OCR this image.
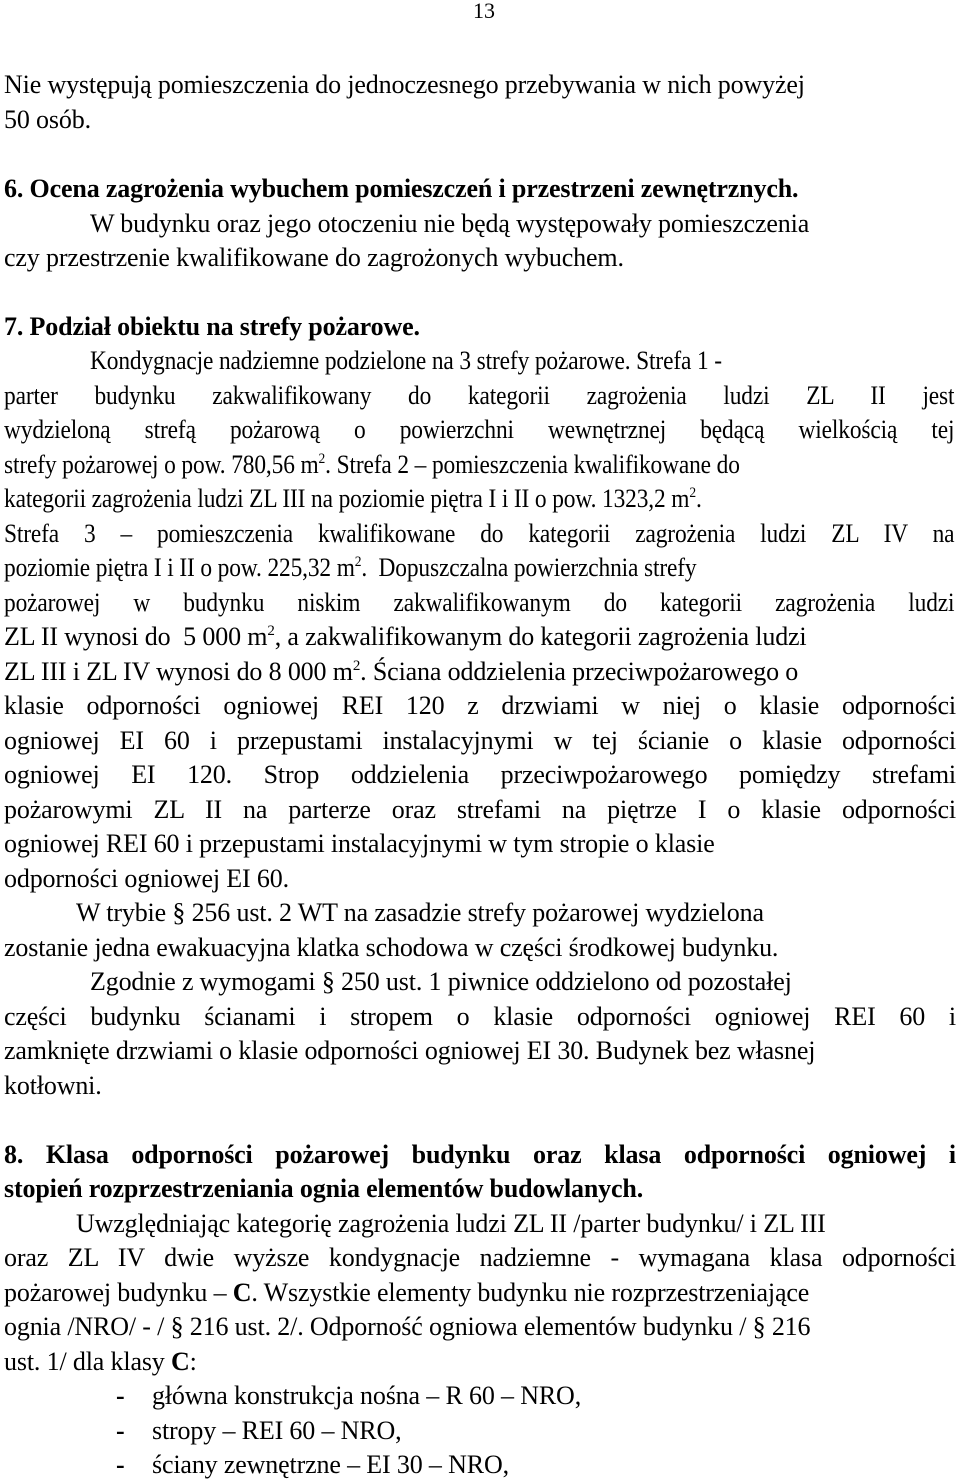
13
Nie występują pomieszczenia do jednoczesnego przebywania w nich powyżej
50 osób.
6. Ocena zagrożenia wybuchem pomieszczeń i przestrzeni zewnętrznych.
W budynku oraz jego otoczeniu nie będą występowały pomieszczenia
czy przestrzenie kwalifikowane do zagrożonych wybuchem.
7. Podział obiektu na strefy pożarowe.
Kondygnacje nadziemne podzielone na 3 strefy pożarowe. Strefa 1 -
parter budynku zakwalifikowany do kategorii zagrożenia ludzi ZL II jest
wydzieloną strefą pożarową o powierzchni wewnętrznej będącą wielkością tej
strefy pożarowej o pow. 780,56 $m^2$. Strefa 2 – pomieszczenia kwalifikowane do
kategorii zagrożenia ludzi ZL III na poziomie piętra I i II o pow. 1323,2 $m^2$.
Strefa 3 – pomieszczenia kwalifikowane do kategorii zagrożenia ludzi ZL IV na
poziomie piętra I i II o pow. 225,32 $m^2$.  Dopuszczalna powierzchnia strefy
pożarowej w budynku niskim zakwalifikowanym do kategorii zagrożenia ludzi
ZL II wynosi do  5 000 $m^2$, a zakwalifikowanym do kategorii zagrożenia ludzi
ZL III i ZL IV wynosi do 8 000 $m^2$. Ściana oddzielenia przeciwpożarowego o
klasie odporności ogniowej REI 120 z drzwiami w niej o klasie odporności
ogniowej EI 60 i przepustami instalacyjnymi w tej ścianie o klasie odporności
ogniowej EI 120. Strop oddzielenia przeciwpożarowego pomiędzy strefami
pożarowymi ZL II na parterze oraz strefami na piętrze I o klasie odporności
ogniowej REI 60 i przepustami instalacyjnymi w tym stropie o klasie
odporności ogniowej EI 60.
W trybie § 256 ust. 2 WT na zasadzie strefy pożarowej wydzielona
zostanie jedna ewakuacyjna klatka schodowa w części środkowej budynku.
Zgodnie z wymogami § 250 ust. 1 piwnice oddzielono od pozostałej
części budynku ścianami i stropem o klasie odporności ogniowej REI 60 i
zamknięte drzwiami o klasie odporności ogniowej EI 30. Budynek bez własnej
kotłowni.
8. Klasa odporności pożarowej budynku oraz klasa odporności ogniowej i
stopień rozprzestrzeniania ognia elementów budowlanych.
Uwzględniając kategorię zagrożenia ludzi ZL II /parter budynku/ i ZL III
oraz ZL IV dwie wyższe kondygnacje nadziemne - wymagana klasa odporności
pożarowej budynku – C. Wszystkie elementy budynku nie rozprzestrzeniające
ognia /NRO/ - / § 216 ust. 2/. Odporność ogniowa elementów budynku / § 216
ust. 1/ dla klasy C:
- główna konstrukcja nośna – R 60 – NRO,
- stropy – REI 60 – NRO,
- ściany zewnętrzne – EI 30 – NRO,
